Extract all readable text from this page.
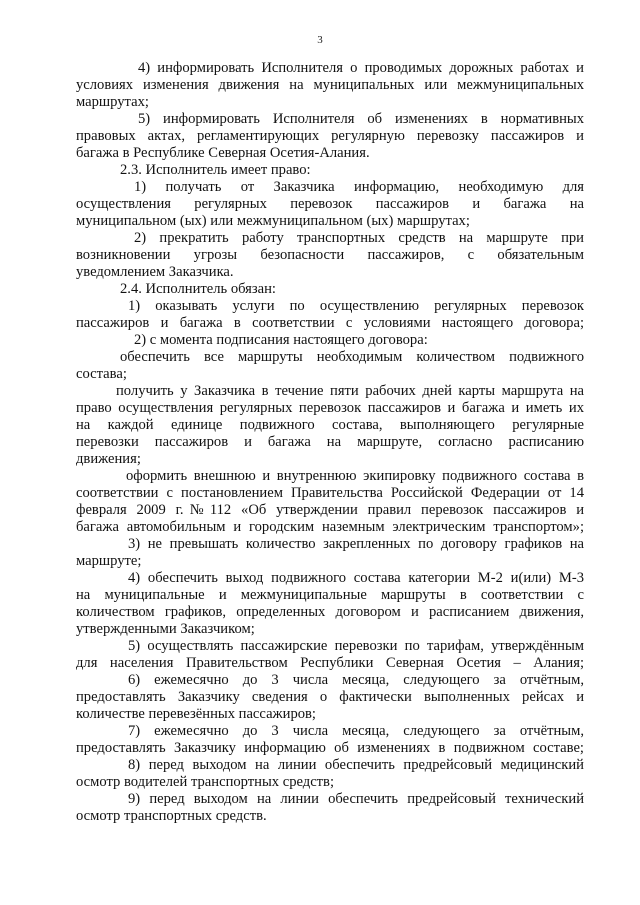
3
4) информировать Исполнителя о проводимых дорожных работах и
условиях изменения движения на муниципальных или межмуниципальных
маршрутах;
5) информировать Исполнителя об изменениях в нормативных
правовых актах, регламентирующих регулярную перевозку пассажиров и
багажа в Республике Северная Осетия-Алания.
2.3. Исполнитель имеет право:
1) получать от Заказчика информацию, необходимую для
осуществления регулярных перевозок пассажиров и багажа на
муниципальном (ых) или межмуниципальном (ых) маршрутах;
2) прекратить работу транспортных средств на маршруте при
возникновении угрозы безопасности пассажиров, с обязательным
уведомлением Заказчика.
2.4. Исполнитель обязан:
1) оказывать услуги по осуществлению регулярных перевозок
пассажиров и багажа в соответствии с условиями настоящего договора;
2) с момента подписания настоящего договора:
обеспечить все маршруты необходимым количеством подвижного
состава;
получить у Заказчика в течение пяти рабочих дней карты маршрута на
право осуществления регулярных перевозок пассажиров и багажа и иметь их
на каждой единице подвижного состава, выполняющего регулярные
перевозки пассажиров и багажа на маршруте, согласно расписанию
движения;
оформить внешнюю и внутреннюю экипировку подвижного состава в
соответствии с постановлением Правительства Российской Федерации от 14
февраля 2009 г.№112 «Об утверждении правил перевозок пассажиров и
багажа автомобильным и городским наземным электрическим транспортом»;
3) не превышать количество закрепленных по договору графиков на
маршруте;
4) обеспечить выход подвижного состава категории М-2 и(или) М-3
на муниципальные и межмуниципальные маршруты в соответствии с
количеством графиков, определенных договором и расписанием движения,
утвержденными Заказчиком;
5) осуществлять пассажирские перевозки по тарифам, утверждённым
для населения Правительством Республики Северная Осетия – Алания;
6) ежемесячно до 3 числа месяца, следующего за отчётным,
предоставлять Заказчику сведения о фактически выполненных рейсах и
количестве перевезённых пассажиров;
7) ежемесячно до 3 числа месяца, следующего за отчётным,
предоставлять Заказчику информацию об изменениях в подвижном составе;
8) перед выходом на линии обеспечить предрейсовый медицинский
осмотр водителей транспортных средств;
9) перед выходом на линии обеспечить предрейсовый технический
осмотр транспортных средств.
